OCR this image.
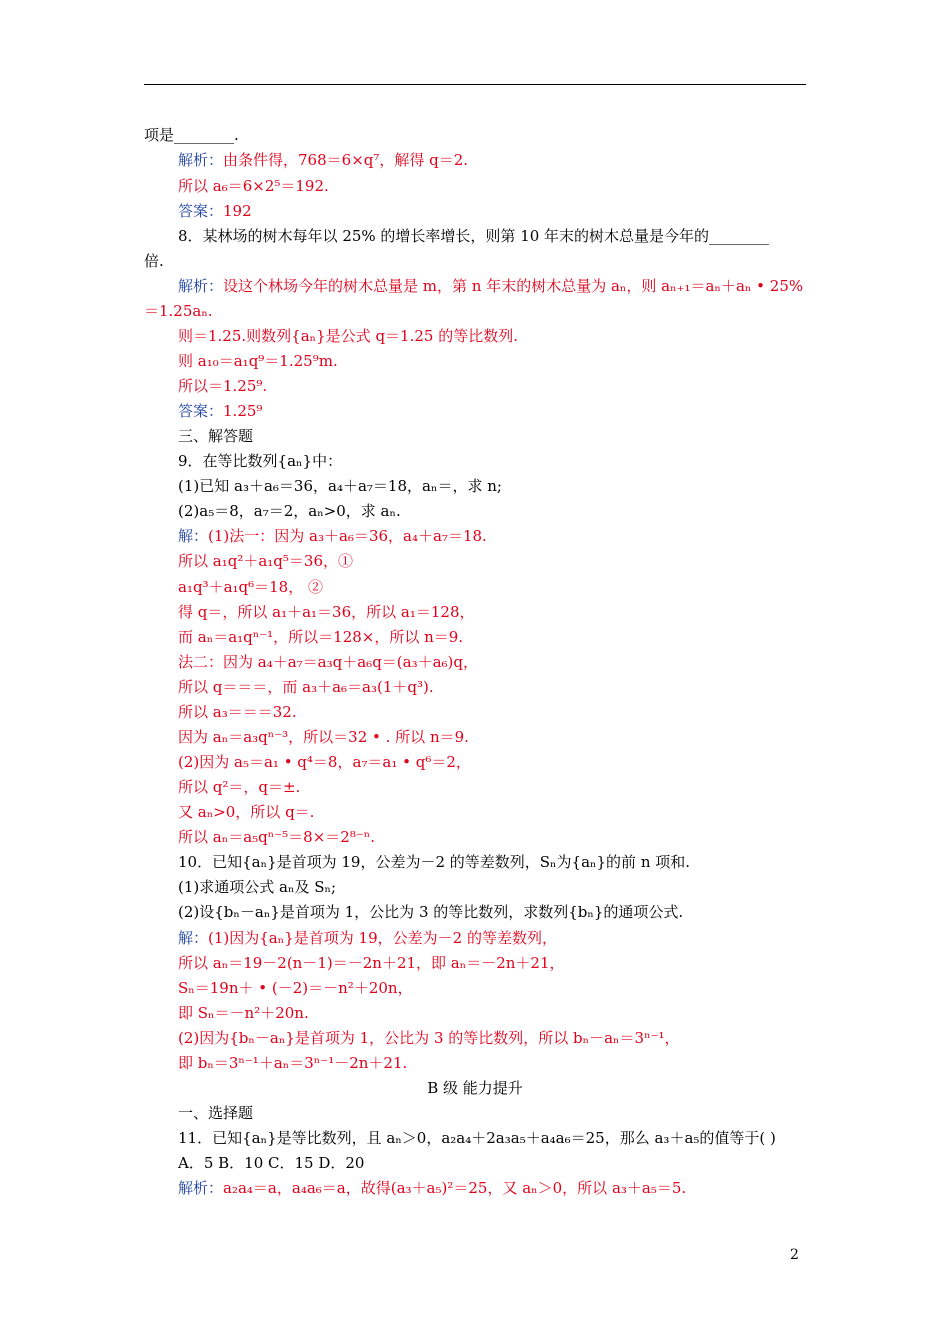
项是________.
解析：由条件得，768＝6×q⁷，解得 q＝2.
所以 a₆＝6×2⁵＝192.
答案：192
8．某林场的树木每年以 25% 的增长率增长，则第 10 年末的树木总量是今年的________
倍.
解析：设这个林场今年的树木总量是 m，第 n 年末的树木总量为 aₙ，则 aₙ₊₁＝aₙ＋aₙ • 25%
＝1.25aₙ.
则＝1.25.则数列{aₙ}是公式 q＝1.25 的等比数列.
则 a₁₀＝a₁q⁹＝1.25⁹m.
所以＝1.25⁹.
答案：1.25⁹
三、解答题
9．在等比数列{aₙ}中：
(1)已知 a₃＋a₆＝36，a₄＋a₇＝18，aₙ＝，求 n;
(2)a₅＝8，a₇＝2，aₙ>0，求 aₙ.
解：(1)法一：因为 a₃＋a₆＝36，a₄＋a₇＝18.
所以 a₁q²＋a₁q⁵＝36，①
a₁q³＋a₁q⁶＝18， ②
得 q＝，所以 a₁＋a₁＝36，所以 a₁＝128，
而 aₙ＝a₁qⁿ⁻¹，所以＝128×，所以 n＝9.
法二：因为 a₄＋a₇＝a₃q＋a₆q＝(a₃＋a₆)q，
所以 q＝＝＝，而 a₃＋a₆＝a₃(1＋q³).
所以 a₃＝＝＝32.
因为 aₙ＝a₃qⁿ⁻³，所以＝32 • . 所以 n＝9.
(2)因为 a₅＝a₁ • q⁴＝8，a₇＝a₁ • q⁶＝2，
所以 q²＝，q＝±.
又 aₙ>0，所以 q＝.
所以 aₙ＝a₅qⁿ⁻⁵＝8×＝2⁸⁻ⁿ.
10．已知{aₙ}是首项为 19，公差为－2 的等差数列，Sₙ为{aₙ}的前 n 项和.
(1)求通项公式 aₙ及 Sₙ;
(2)设{bₙ－aₙ}是首项为 1，公比为 3 的等比数列，求数列{bₙ}的通项公式.
解：(1)因为{aₙ}是首项为 19，公差为－2 的等差数列，
所以 aₙ＝19－2(n－1)＝－2n＋21，即 aₙ＝－2n＋21，
Sₙ＝19n＋ • (－2)＝－n²＋20n，
即 Sₙ＝－n²＋20n.
(2)因为{bₙ－aₙ}是首项为 1，公比为 3 的等比数列，所以 bₙ－aₙ＝3ⁿ⁻¹，
即 bₙ＝3ⁿ⁻¹＋aₙ＝3ⁿ⁻¹－2n＋21.
B 级 能力提升
一、选择题
11．已知{aₙ}是等比数列，且 aₙ＞0，a₂a₄＋2a₃a₅＋a₄a₆＝25，那么 a₃＋a₅的值等于( )
A．5 B．10 C．15 D．20
解析：a₂a₄＝a，a₄a₆＝a，故得(a₃＋a₅)²＝25，又 aₙ＞0，所以 a₃＋a₅＝5.
2
